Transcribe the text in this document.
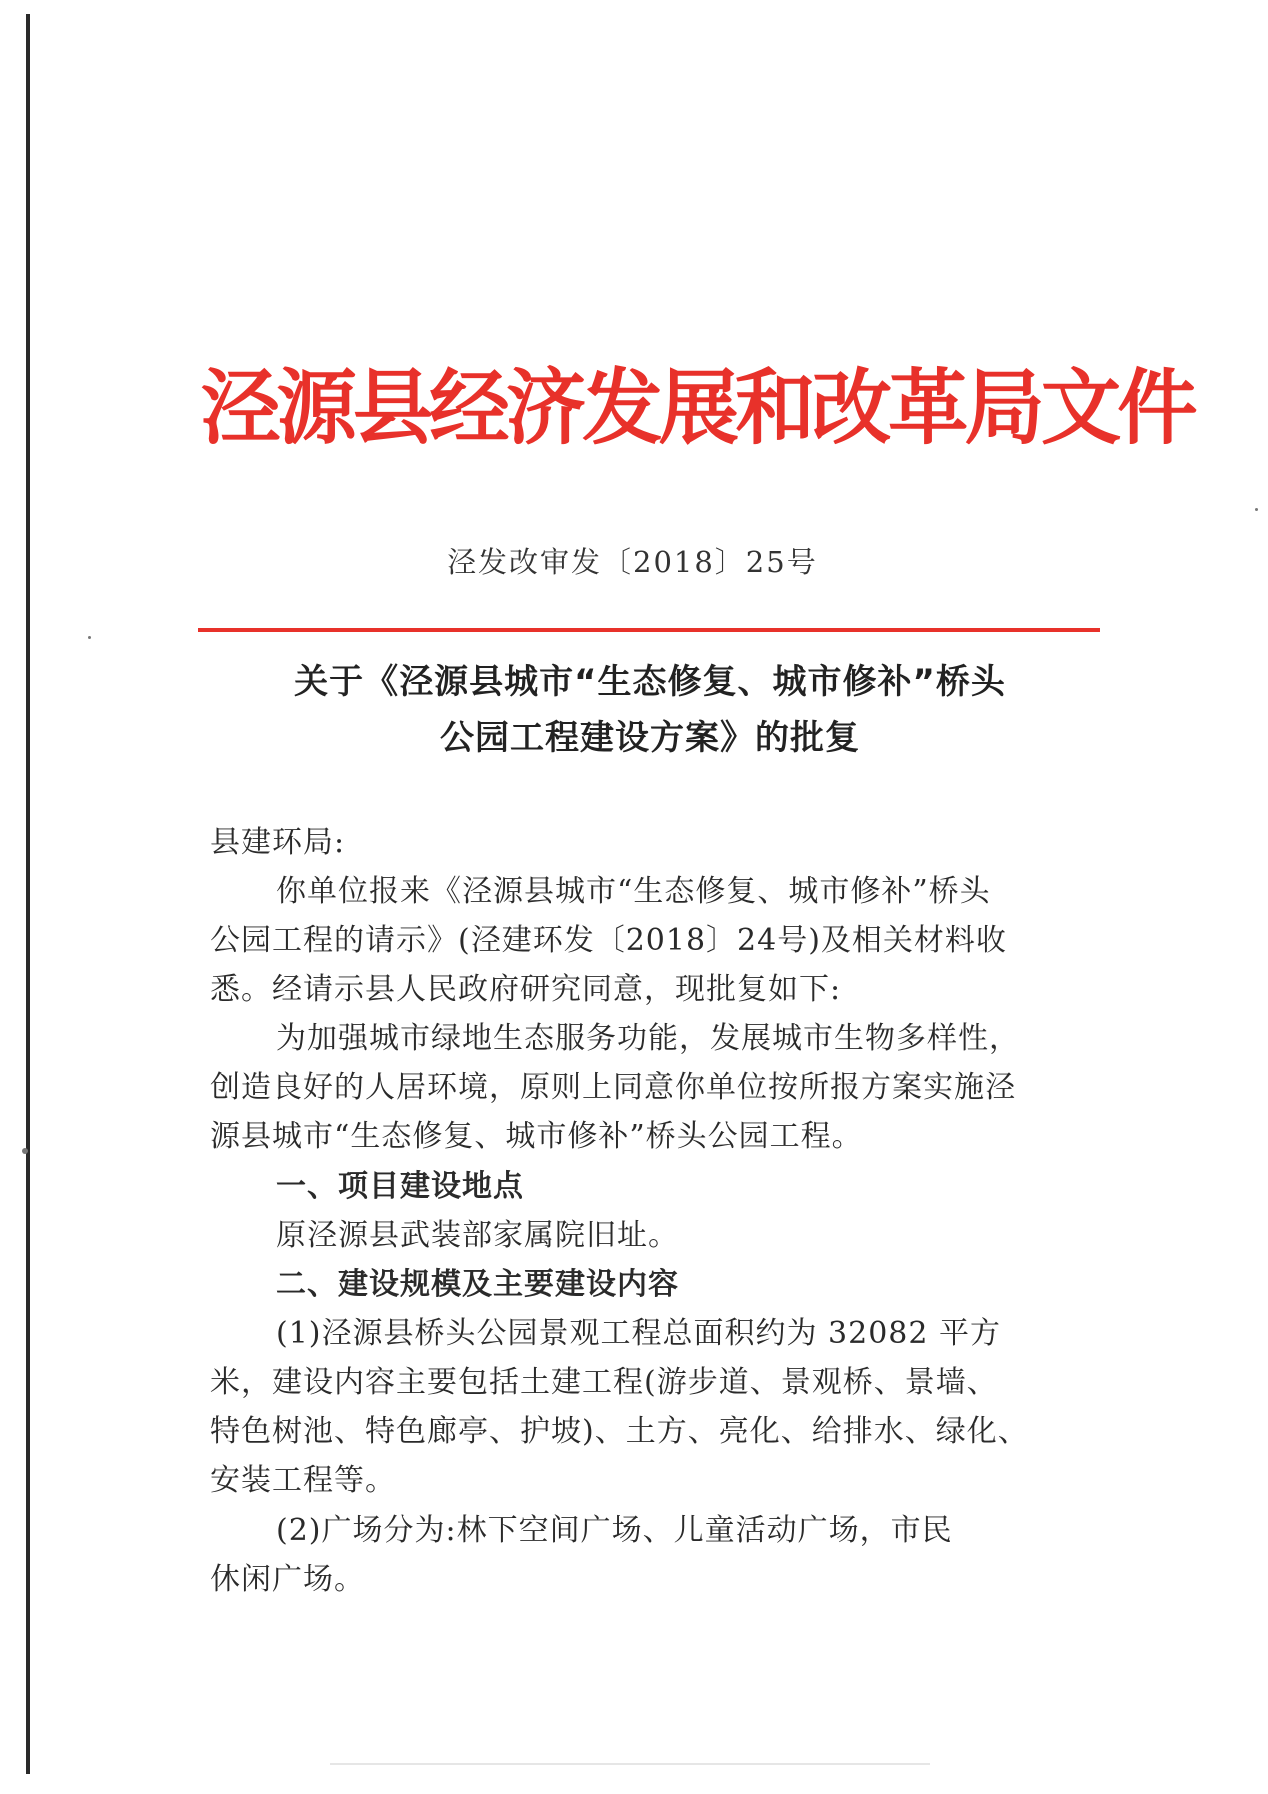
泾源县经济发展和改革局文件
泾发改审发〔2018〕25号
关于《泾源县城市“生态修复、城市修补”桥头
公园工程建设方案》的批复
县建环局:
你单位报来《泾源县城市“生态修复、城市修补”桥头
公园工程的请示》(泾建环发〔2018〕24号)及相关材料收
悉。经请示县人民政府研究同意，现批复如下:
为加强城市绿地生态服务功能，发展城市生物多样性，
创造良好的人居环境，原则上同意你单位按所报方案实施泾
源县城市“生态修复、城市修补”桥头公园工程。
一、项目建设地点
原泾源县武装部家属院旧址。
二、建设规模及主要建设内容
(1)泾源县桥头公园景观工程总面积约为 32082 平方
米，建设内容主要包括土建工程(游步道、景观桥、景墙、
特色树池、特色廊亭、护坡)、土方、亮化、给排水、绿化、
安装工程等。
(2)广场分为:林下空间广场、儿童活动广场，市民
休闲广场。
